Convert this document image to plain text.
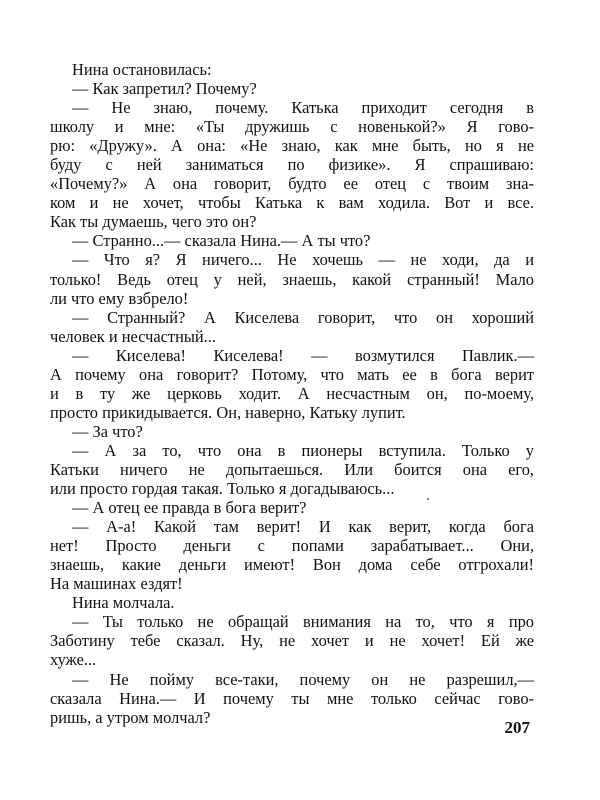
Нина остановилась:
— Как запретил? Почему?
— Не знаю, почему. Катька приходит сегодня в
школу и мне: «Ты дружишь с новенькой?» Я гово-
рю: «Дружу». А она: «Не знаю, как мне быть, но я не
буду с ней заниматься по физике». Я спрашиваю:
«Почему?» А она говорит, будто ее отец с твоим зна-
ком и не хочет, чтобы Катька к вам ходила. Вот и все.
Как ты думаешь, чего это он?
— Странно...— сказала Нина.— А ты что?
— Что я? Я ничего... Не хочешь — не ходи, да и
только! Ведь отец у ней, знаешь, какой странный! Мало
ли что ему взбрело!
— Странный? А Киселева говорит, что он хороший
человек и несчастный...
— Киселева! Киселева! — возмутился Павлик.—
А почему она говорит? Потому, что мать ее в бога верит
и в ту же церковь ходит. А несчастным он, по-моему,
просто прикидывается. Он, наверно, Катьку лупит.
— За что?
— А за то, что она в пионеры вступила. Только у
Катьки ничего не допытаешься. Или боится она его,
или просто гордая такая. Только я догадываюсь...
— А отец ее правда в бога верит?
— А-а! Какой там верит! И как верит, когда бога
нет! Просто деньги с попами зарабатывает... Они,
знаешь, какие деньги имеют! Вон дома себе отгрохали!
На машинах ездят!
Нина молчала.
— Ты только не обращай внимания на то, что я про
Заботину тебе сказал. Ну, не хочет и не хочет! Ей же
хуже...
— Не пойму все-таки, почему он не разрешил,—
сказала Нина.— И почему ты мне только сейчас гово-
ришь, а утром молчал?
207
